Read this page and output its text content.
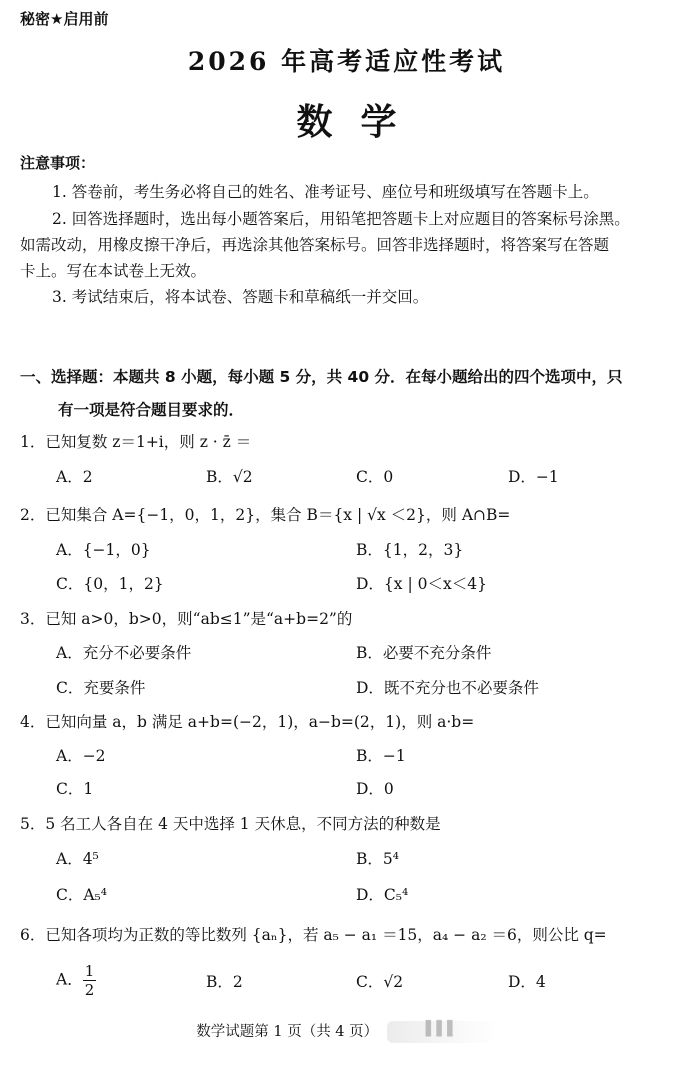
秘密★启用前
2026 年高考适应性考试
数学
注意事项：
1. 答卷前，考生务必将自己的姓名、准考证号、座位号和班级填写在答题卡上。
2. 回答选择题时，选出每小题答案后，用铅笔把答题卡上对应题目的答案标号涂黑。
如需改动，用橡皮擦干净后，再选涂其他答案标号。回答非选择题时，将答案写在答题
卡上。写在本试卷上无效。
3. 考试结束后，将本试卷、答题卡和草稿纸一并交回。
一、选择题：本题共 8 小题，每小题 5 分，共 40 分．在每小题给出的四个选项中，只
有一项是符合题目要求的．
1．已知复数 z＝1+i，则 z · z̄ ＝
A．2	B．√2	C．0	D．−1
2．已知集合 A={−1，0，1，2}，集合 B＝{x | √x ＜2}，则 A∩B=
A．{−1，0}	B．{1，2，3}
C．{0，1，2}	D．{x | 0＜x＜4}
3．已知 a>0，b>0，则“ab≤1”是“a+b=2”的
A．充分不必要条件	B．必要不充分条件
C．充要条件	D．既不充分也不必要条件
4．已知向量 a，b 满足 a+b=(−2，1)，a−b=(2，1)，则 a·b=
A．−2	B．−1
C．1	D．0
5．5 名工人各自在 4 天中选择 1 天休息，不同方法的种数是
A．4⁵	B．5⁴
C．A₅⁴	D．C₅⁴
6．已知各项均为正数的等比数列 {aₙ}，若 a₅ − a₁ ＝15，a₄ − a₂ ＝6，则公比 q=
A． $\frac{1}{2}$	B．2	C．√2	D．4
数学试题第 1 页（共 4 页）	▌▌▌
